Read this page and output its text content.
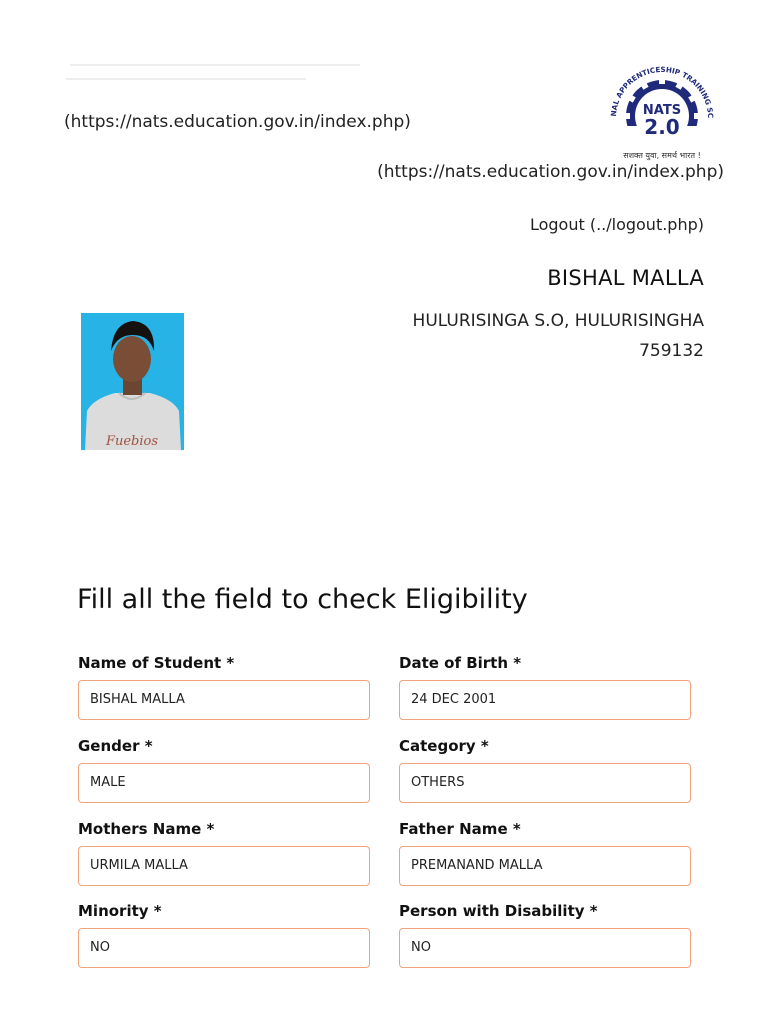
(https://nats.education.gov.in/index.php)	NAL APPRENTICESHIP TRAINING SC
NATS
2.0
सशक्त युवा, समर्थ भारत !
(https://nats.education.gov.in/index.php)
Logout (../logout.php)
BISHAL MALLA
HULURISINGA S.O, HULURISINGHA
759132
Fuebios
Fill all the field to check Eligibility
Name of Student *
BISHAL MALLA
Date of Birth *
24 DEC 2001
Gender *
MALE
Category *
OTHERS
Mothers Name *
URMILA MALLA
Father Name *
PREMANAND MALLA
Minority *
NO
Person with Disability *
NO
